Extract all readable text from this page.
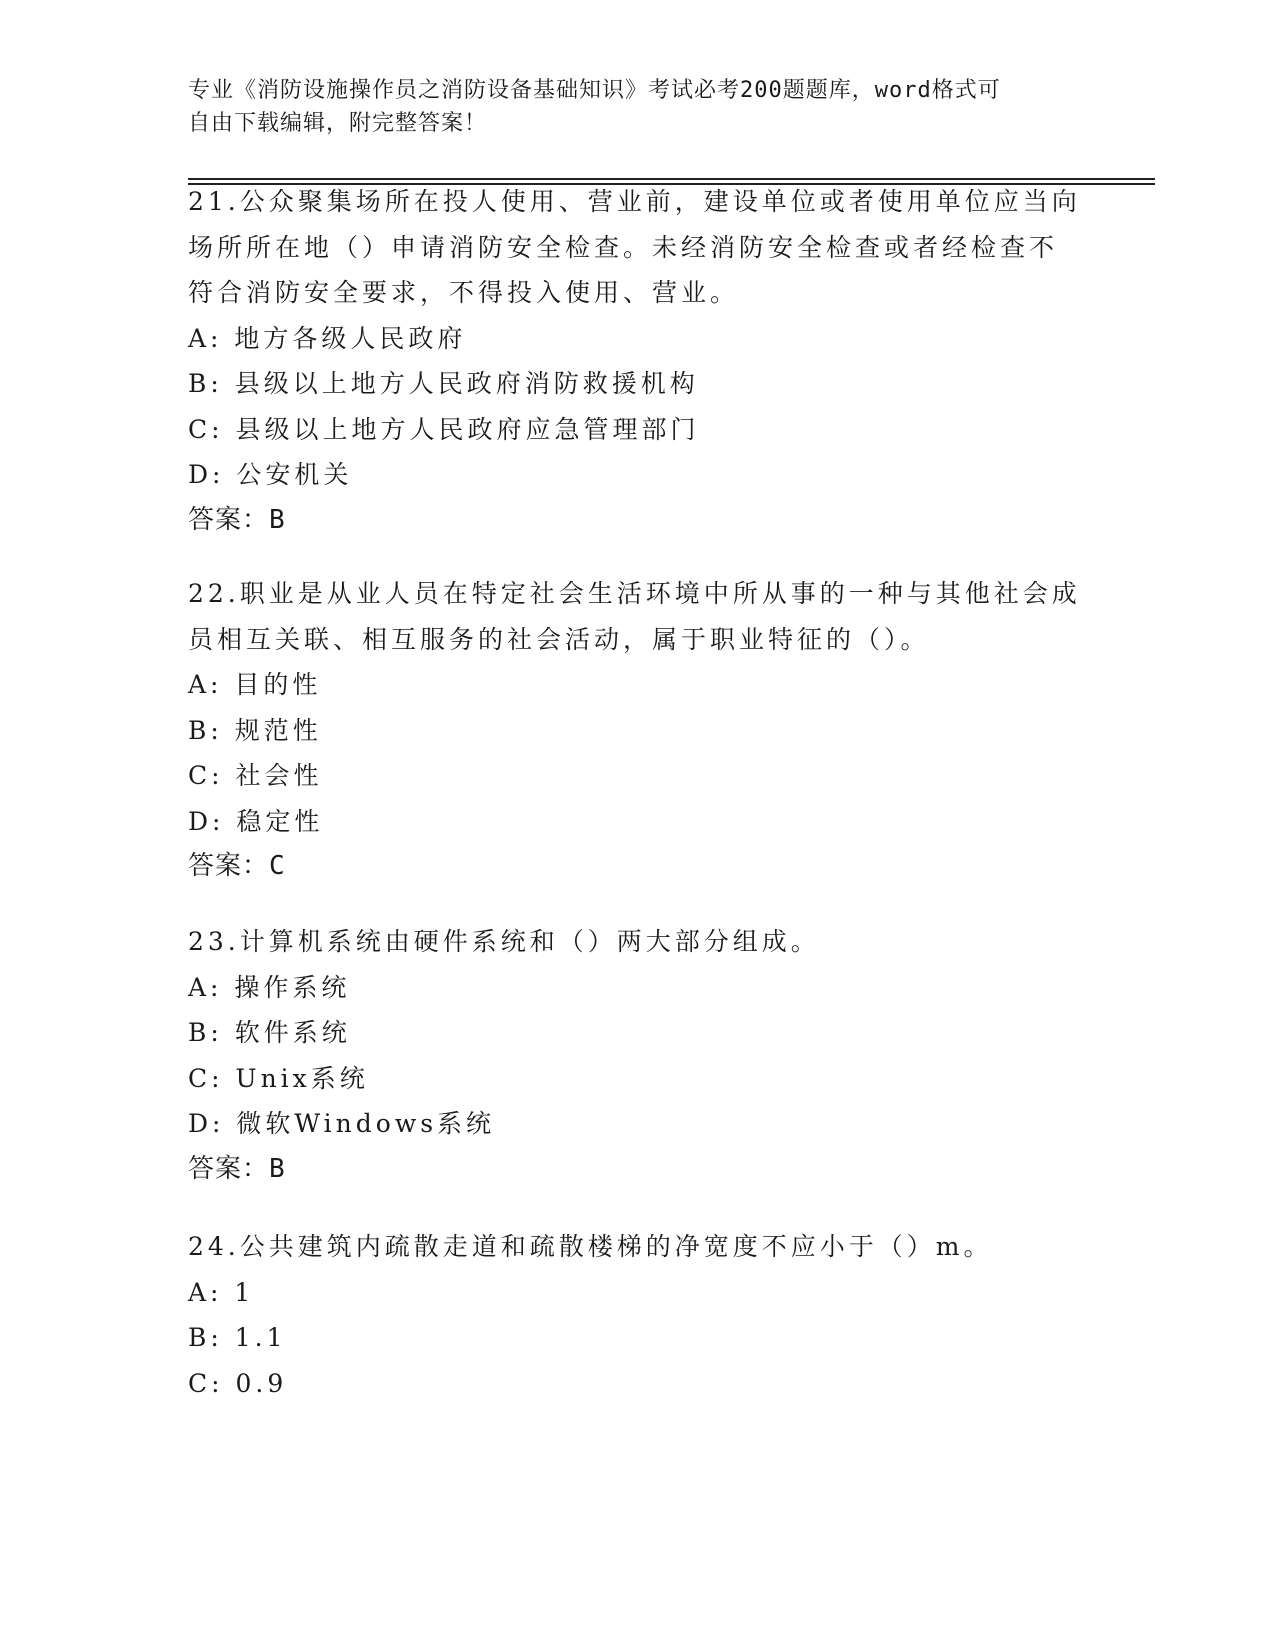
专业《消防设施操作员之消防设备基础知识》考试必考200题题库，word格式可
自由下载编辑，附完整答案！
21.公众聚集场所在投人使用、营业前，建设单位或者使用单位应当向
场所所在地（）申请消防安全检查。未经消防安全检查或者经检查不
符合消防安全要求，不得投入使用、营业。
A: 地方各级人民政府
B: 县级以上地方人民政府消防救援机构
C: 县级以上地方人民政府应急管理部门
D: 公安机关
答案：B
22.职业是从业人员在特定社会生活环境中所从事的一种与其他社会成
员相互关联、相互服务的社会活动，属于职业特征的（）。
A: 目的性
B: 规范性
C: 社会性
D: 稳定性
答案：C
23.计算机系统由硬件系统和（）两大部分组成。
A: 操作系统
B: 软件系统
C: Unix系统
D: 微软Windows系统
答案：B
24.公共建筑内疏散走道和疏散楼梯的净宽度不应小于（）m。
A: 1
B: 1.1
C: 0.9
